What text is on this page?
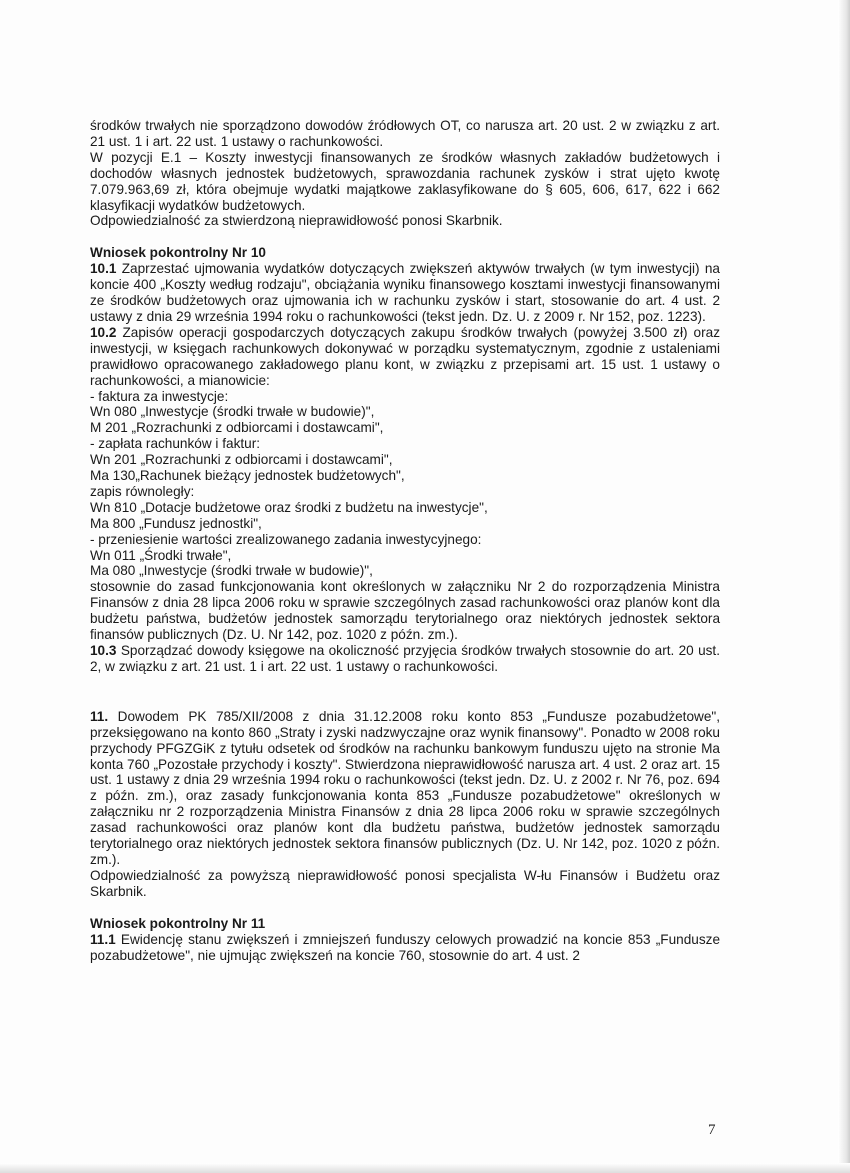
środków trwałych nie sporządzono dowodów źródłowych OT, co narusza art. 20 ust. 2 w związku z art. 21 ust. 1 i art. 22 ust. 1 ustawy o rachunkowości.

W pozycji E.1 – Koszty inwestycji finansowanych ze środków własnych zakładów budżetowych i dochodów własnych jednostek budżetowych, sprawozdania rachunek zysków i strat ujęto kwotę 7.079.963,69 zł, która obejmuje wydatki majątkowe zaklasyfikowane do § 605, 606, 617, 622 i 662 klasyfikacji wydatków budżetowych.

Odpowiedzialność za stwierdzoną nieprawidłowość ponosi Skarbnik.

Wniosek pokontrolny Nr 10

10.1 Zaprzestać ujmowania wydatków dotyczących zwiększeń aktywów trwałych (w tym inwestycji) na koncie 400 „Koszty według rodzaju", obciążania wyniku finansowego kosztami inwestycji finansowanymi ze środków budżetowych oraz ujmowania ich w rachunku zysków i start, stosowanie do art. 4 ust. 2 ustawy z dnia 29 września 1994 roku o rachunkowości (tekst jedn. Dz. U. z 2009 r. Nr 152, poz. 1223).

10.2 Zapisów operacji gospodarczych dotyczących zakupu środków trwałych (powyżej 3.500 zł) oraz inwestycji, w księgach rachunkowych dokonywać w porządku systematycznym, zgodnie z ustaleniami prawidłowo opracowanego zakładowego planu kont, w związku z przepisami art. 15 ust. 1 ustawy o rachunkowości, a mianowicie:

- faktura za inwestycje:

Wn 080 „Inwestycje (środki trwałe w budowie)",

M 201 „Rozrachunki z odbiorcami i dostawcami",

- zapłata rachunków i faktur:

Wn 201 „Rozrachunki z odbiorcami i dostawcami",

Ma 130„Rachunek bieżący jednostek budżetowych",

zapis równoległy:

Wn 810 „Dotacje budżetowe oraz środki z budżetu na inwestycje",

Ma 800 „Fundusz jednostki",

- przeniesienie wartości zrealizowanego zadania inwestycyjnego:

Wn 011 „Środki trwałe",

Ma 080 „Inwestycje (środki trwałe w budowie)",

stosownie do zasad funkcjonowania kont określonych w załączniku Nr 2 do rozporządzenia Ministra Finansów z dnia 28 lipca 2006 roku w sprawie szczególnych zasad rachunkowości oraz planów kont dla budżetu państwa, budżetów jednostek samorządu terytorialnego oraz niektórych jednostek sektora finansów publicznych (Dz. U. Nr 142, poz. 1020 z późn. zm.).

10.3 Sporządzać dowody księgowe na okoliczność przyjęcia środków trwałych stosownie do art. 20 ust. 2, w związku z art. 21 ust. 1 i art. 22 ust. 1 ustawy o rachunkowości.

11. Dowodem PK 785/XII/2008 z dnia 31.12.2008 roku konto 853 „Fundusze pozabudżetowe", przeksięgowano na konto 860 „Straty i zyski nadzwyczajne oraz wynik finansowy". Ponadto w 2008 roku przychody PFGZGiK z tytułu odsetek od środków na rachunku bankowym funduszu ujęto na stronie Ma konta 760 „Pozostałe przychody i koszty". Stwierdzona nieprawidłowość narusza art. 4 ust. 2 oraz art. 15 ust. 1 ustawy z dnia 29 września 1994 roku o rachunkowości (tekst jedn. Dz. U. z 2002 r. Nr 76, poz. 694 z późn. zm.), oraz zasady funkcjonowania konta 853 „Fundusze pozabudżetowe" określonych w załączniku nr 2 rozporządzenia Ministra Finansów z dnia 28 lipca 2006 roku w sprawie szczególnych zasad rachunkowości oraz planów kont dla budżetu państwa, budżetów jednostek samorządu terytorialnego oraz niektórych jednostek sektora finansów publicznych (Dz. U. Nr 142, poz. 1020 z późn. zm.).

Odpowiedzialność za powyższą nieprawidłowość ponosi specjalista W-łu Finansów i Budżetu oraz Skarbnik.

Wniosek pokontrolny Nr 11

11.1 Ewidencję stanu zwiększeń i zmniejszeń funduszy celowych prowadzić na koncie 853 „Fundusze pozabudżetowe", nie ujmując zwiększeń na koncie 760, stosownie do art. 4 ust. 2

7
